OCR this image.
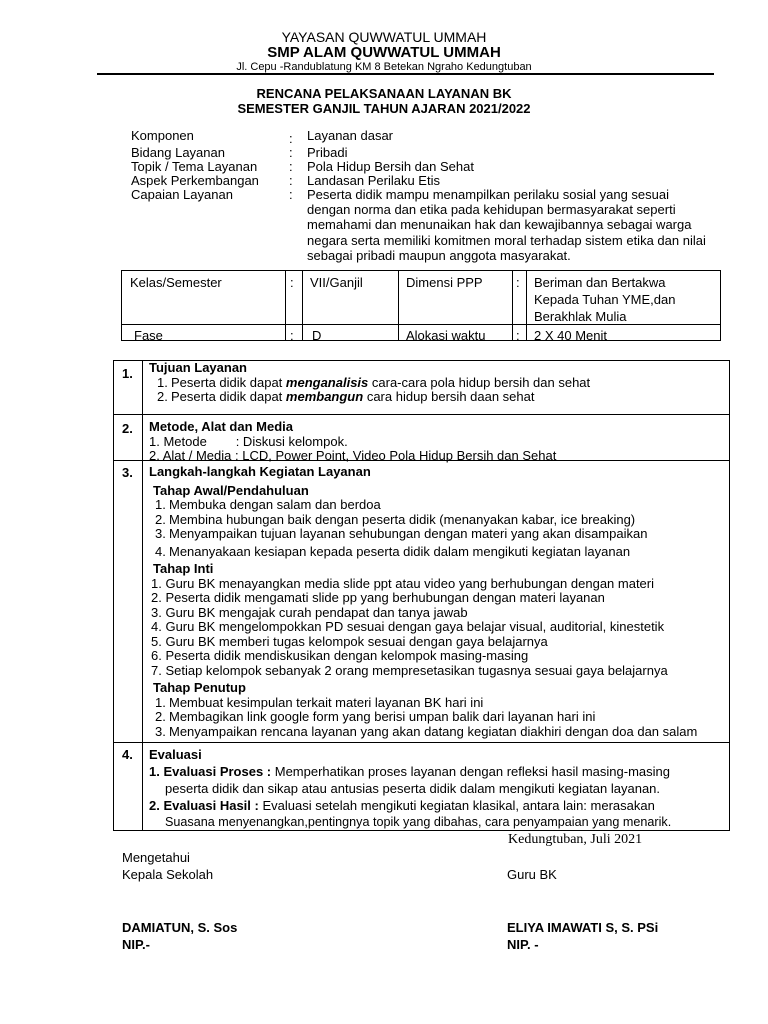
YAYASAN QUWWATUL UMMAH
SMP ALAM QUWWATUL UMMAH
Jl. Cepu -Randublatung KM 8 Betekan Ngraho Kedungtuban
RENCANA PELAKSANAAN LAYANAN BK
SEMESTER GANJIL TAHUN AJARAN 2021/2022
Komponen	: Layanan dasar
Bidang Layanan	: Pribadi
Topik / Tema Layanan	: Pola Hidup Bersih dan Sehat
Aspek Perkembangan	: Landasan Perilaku Etis
Capaian Layanan	: Peserta didik mampu menampilkan perilaku sosial yang sesuai dengan norma dan etika pada kehidupan bermasyarakat seperti memahami dan menunaikan hak dan kewajibannya sebagai warga negara serta memiliki komitmen moral terhadap sistem etika dan nilai sebagai pribadi maupun anggota masyarakat.
Kelas/Semester	: VII/Ganjil	Dimensi PPP	: Beriman dan Bertakwa Kepada Tuhan YME,dan Berakhlak Mulia
Fase	: D	Alokasi waktu : 2 X 40 Menit
1. Tujuan Layanan
1. Peserta didik dapat menganalisis cara-cara pola hidup bersih dan sehat
2. Peserta didik dapat membangun cara hidup bersih daan sehat
2. Metode, Alat dan Media
1. Metode        : Diskusi kelompok.
2. Alat / Media : LCD, Power Point, Video Pola Hidup Bersih dan Sehat
3. Langkah-langkah Kegiatan Layanan
Tahap Awal/Pendahuluan
1. Membuka dengan salam dan berdoa
2. Membina hubungan baik dengan peserta didik (menanyakan kabar, ice breaking)
3. Menyampaikan tujuan layanan sehubungan dengan materi yang akan disampaikan
4. Menanyakaan kesiapan kepada peserta didik dalam mengikuti kegiatan layanan
Tahap Inti
1. Guru BK menayangkan media slide ppt atau video yang berhubungan dengan materi
2. Peserta didik mengamati slide pp yang berhubungan dengan materi layanan
3. Guru BK mengajak curah pendapat dan tanya jawab
4. Guru BK mengelompokkan PD sesuai dengan gaya belajar visual, auditorial, kinestetik
5. Guru BK memberi tugas kelompok sesuai dengan gaya belajarnya
6. Peserta didik mendiskusikan dengan kelompok masing-masing
7. Setiap kelompok sebanyak 2 orang mempresetasikan tugasnya sesuai gaya belajarnya
Tahap Penutup
1. Membuat kesimpulan terkait materi layanan BK hari ini
2. Membagikan link google form yang berisi umpan balik dari layanan hari ini
3. Menyampaikan rencana layanan yang akan datang kegiatan diakhiri dengan doa dan salam
4. Evaluasi
1. Evaluasi Proses : Memperhatikan proses layanan dengan refleksi hasil masing-masing
peserta didik dan sikap atau antusias peserta didik dalam mengikuti kegiatan layanan.
2. Evaluasi Hasil : Evaluasi setelah mengikuti kegiatan klasikal, antara lain: merasakan
Suasana menyenangkan,pentingnya topik yang dibahas, cara penyampaian yang menarik.
Kedungtuban, Juli 2021
Mengetahui
Kepala Sekolah	Guru BK
DAMIATUN, S. Sos
NIP.-
ELIYA IMAWATI S, S. PSi
NIP. -
